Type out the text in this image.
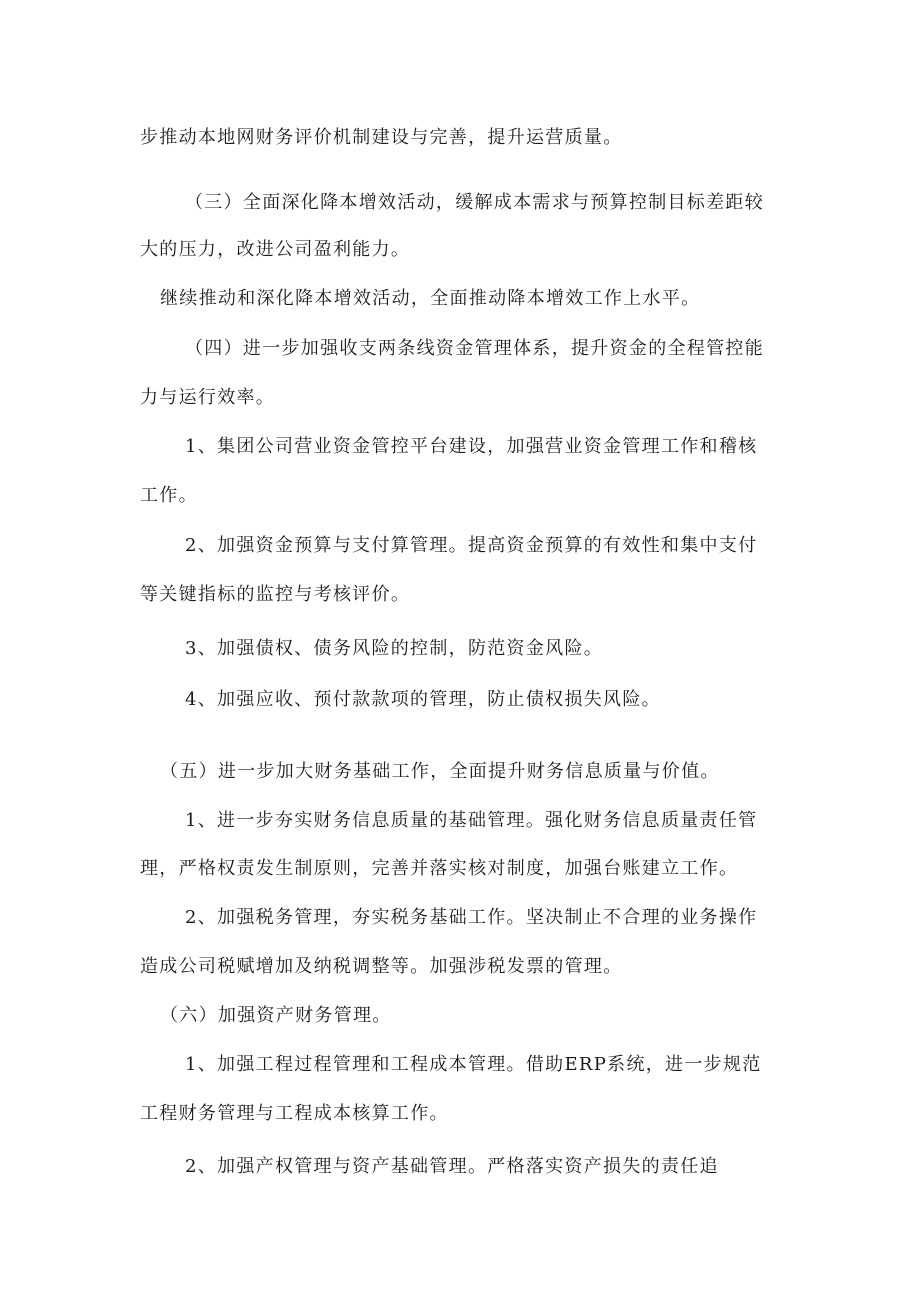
步推动本地网财务评价机制建设与完善，提升运营质量。
（三）全面深化降本增效活动，缓解成本需求与预算控制目标差距较
大的压力，改进公司盈利能力。
继续推动和深化降本增效活动，全面推动降本增效工作上水平。
（四）进一步加强收支两条线资金管理体系，提升资金的全程管控能
力与运行效率。
1、集团公司营业资金管控平台建设，加强营业资金管理工作和稽核
工作。
2、加强资金预算与支付算管理。提高资金预算的有效性和集中支付
等关键指标的监控与考核评价。
3、加强债权、债务风险的控制，防范资金风险。
4、加强应收、预付款款项的管理，防止债权损失风险。
（五）进一步加大财务基础工作，全面提升财务信息质量与价值。
1、进一步夯实财务信息质量的基础管理。强化财务信息质量责任管
理，严格权责发生制原则，完善并落实核对制度，加强台账建立工作。
2、加强税务管理，夯实税务基础工作。坚决制止不合理的业务操作
造成公司税赋增加及纳税调整等。加强涉税发票的管理。
（六）加强资产财务管理。
1、加强工程过程管理和工程成本管理。借助ERP系统，进一步规范
工程财务管理与工程成本核算工作。
2、加强产权管理与资产基础管理。严格落实资产损失的责任追
